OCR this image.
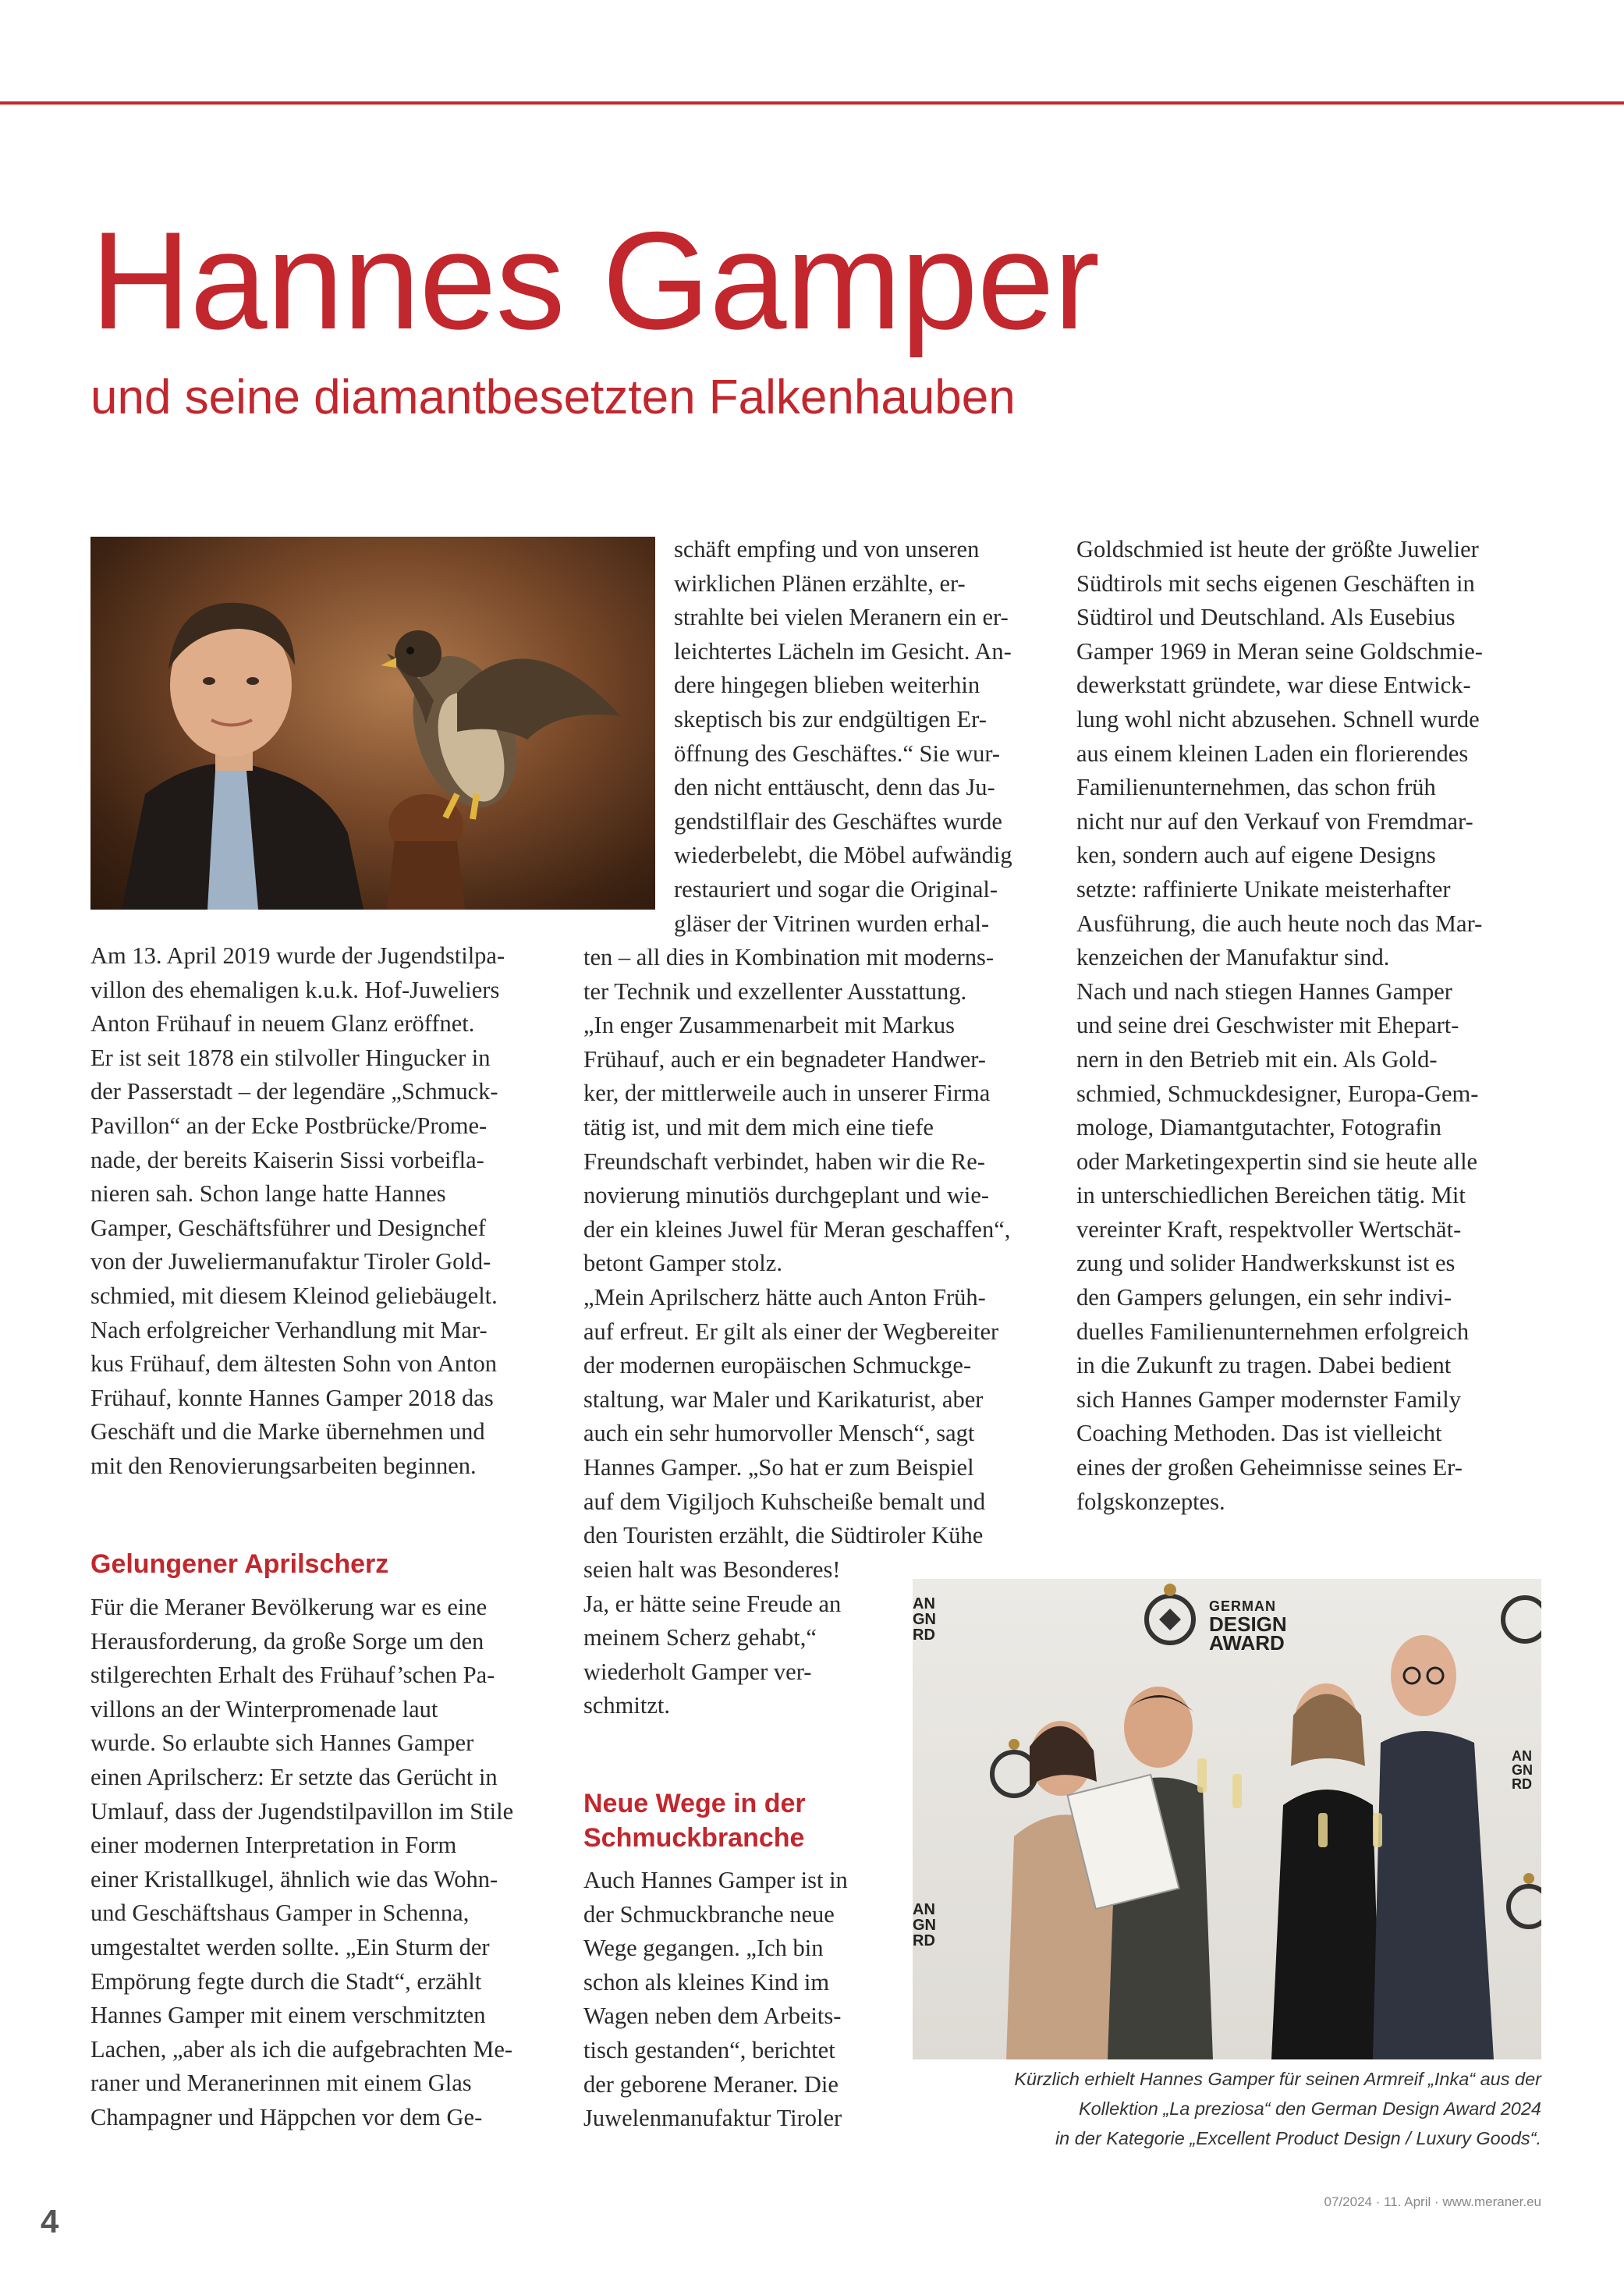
Hannes Gamper
und seine diamantbesetzten Falkenhauben

Am 13. April 2019 wurde der Jugendstilpa-

villon des ehemaligen k.u.k. Hof-Juweliers

Anton Frühauf in neuem Glanz eröffnet.

Er ist seit 1878 ein stilvoller Hingucker in

der Passerstadt – der legendäre „Schmuck-

Pavillon“ an der Ecke Postbrücke/Prome-

nade, der bereits Kaiserin Sissi vorbeifla-

nieren sah. Schon lange hatte Hannes

Gamper, Geschäftsführer und Designchef

von der Juweliermanufaktur Tiroler Gold-

schmied, mit diesem Kleinod geliebäugelt.

Nach erfolgreicher Verhandlung mit Mar-

kus Frühauf, dem ältesten Sohn von Anton

Frühauf, konnte Hannes Gamper 2018 das

Geschäft und die Marke übernehmen und

mit den Renovierungsarbeiten beginnen.

Gelungener Aprilscherz

Für die Meraner Bevölkerung war es eine

Herausforderung, da große Sorge um den

stilgerechten Erhalt des Frühauf’schen Pa-

villons an der Winterpromenade laut

wurde. So erlaubte sich Hannes Gamper

einen Aprilscherz: Er setzte das Gerücht in

Umlauf, dass der Jugendstilpavillon im Stile

einer modernen Interpretation in Form

einer Kristallkugel, ähnlich wie das Wohn-

und Geschäftshaus Gamper in Schenna,

umgestaltet werden sollte. „Ein Sturm der

Empörung fegte durch die Stadt“, erzählt

Hannes Gamper mit einem verschmitzten

Lachen, „aber als ich die aufgebrachten Me-

raner und Meranerinnen mit einem Glas

Champagner und Häppchen vor dem Ge-

schäft empfing und von unseren

wirklichen Plänen erzählte, er-

strahlte bei vielen Meranern ein er-

leichtertes Lächeln im Gesicht. An-

dere hingegen blieben weiterhin

skeptisch bis zur endgültigen Er-

öffnung des Geschäftes.“ Sie wur-

den nicht enttäuscht, denn das Ju-

gendstilflair des Geschäftes wurde

wiederbelebt, die Möbel aufwändig

restauriert und sogar die Original-

gläser der Vitrinen wurden erhal-

ten – all dies in Kombination mit moderns-

ter Technik und exzellenter Ausstattung.

„In enger Zusammenarbeit mit Markus

Frühauf, auch er ein begnadeter Handwer-

ker, der mittlerweile auch in unserer Firma

tätig ist, und mit dem mich eine tiefe

Freundschaft verbindet, haben wir die Re-

novierung minutiös durchgeplant und wie-

der ein kleines Juwel für Meran geschaffen“,

betont Gamper stolz.

„Mein Aprilscherz hätte auch Anton Früh-

auf erfreut. Er gilt als einer der Wegbereiter

der modernen europäischen Schmuckge-

staltung, war Maler und Karikaturist, aber

auch ein sehr humorvoller Mensch“, sagt

Hannes Gamper. „So hat er zum Beispiel

auf dem Vigiljoch Kuhscheiße bemalt und

den Touristen erzählt, die Südtiroler Kühe

seien halt was Besonderes!

Ja, er hätte seine Freude an

meinem Scherz gehabt,“

wiederholt Gamper ver-

schmitzt.

Neue Wege in der
Schmuckbranche

Auch Hannes Gamper ist in

der Schmuckbranche neue

Wege gegangen. „Ich bin

schon als kleines Kind im

Wagen neben dem Arbeits-

tisch gestanden“, berichtet

der geborene Meraner. Die

Juwelenmanufaktur Tiroler

Goldschmied ist heute der größte Juwelier

Südtirols mit sechs eigenen Geschäften in

Südtirol und Deutschland. Als Eusebius

Gamper 1969 in Meran seine Goldschmie-

dewerkstatt gründete, war diese Entwick-

lung wohl nicht abzusehen. Schnell wurde

aus einem kleinen Laden ein florierendes

Familienunternehmen, das schon früh

nicht nur auf den Verkauf von Fremdmar-

ken, sondern auch auf eigene Designs

setzte: raffinierte Unikate meisterhafter

Ausführung, die auch heute noch das Mar-

kenzeichen der Manufaktur sind.

Nach und nach stiegen Hannes Gamper

und seine drei Geschwister mit Ehepart-

nern in den Betrieb mit ein. Als Gold-

schmied, Schmuckdesigner, Europa-Gem-

mologe, Diamantgutachter, Fotografin

oder Marketingexpertin sind sie heute alle

in unterschiedlichen Bereichen tätig. Mit

vereinter Kraft, respektvoller Wertschät-

zung und solider Handwerkskunst ist es

den Gampers gelungen, ein sehr indivi-

duelles Familienunternehmen erfolgreich

in die Zukunft zu tragen. Dabei bedient

sich Hannes Gamper modernster Family

Coaching Methoden. Das ist vielleicht

eines der großen Geheimnisse seines Er-

folgskonzeptes.

GERMAN
DESIGN
AWARD
AN
GN
RD
AN
GN
RD
AN
GN
RD

Kürzlich erhielt Hannes Gamper für seinen Armreif „Inka“ aus der

Kollektion „La preziosa“ den German Design Award 2024

in der Kategorie „Excellent Product Design / Luxury Goods“.

4
07/2024 · 11. April · www.meraner.eu
